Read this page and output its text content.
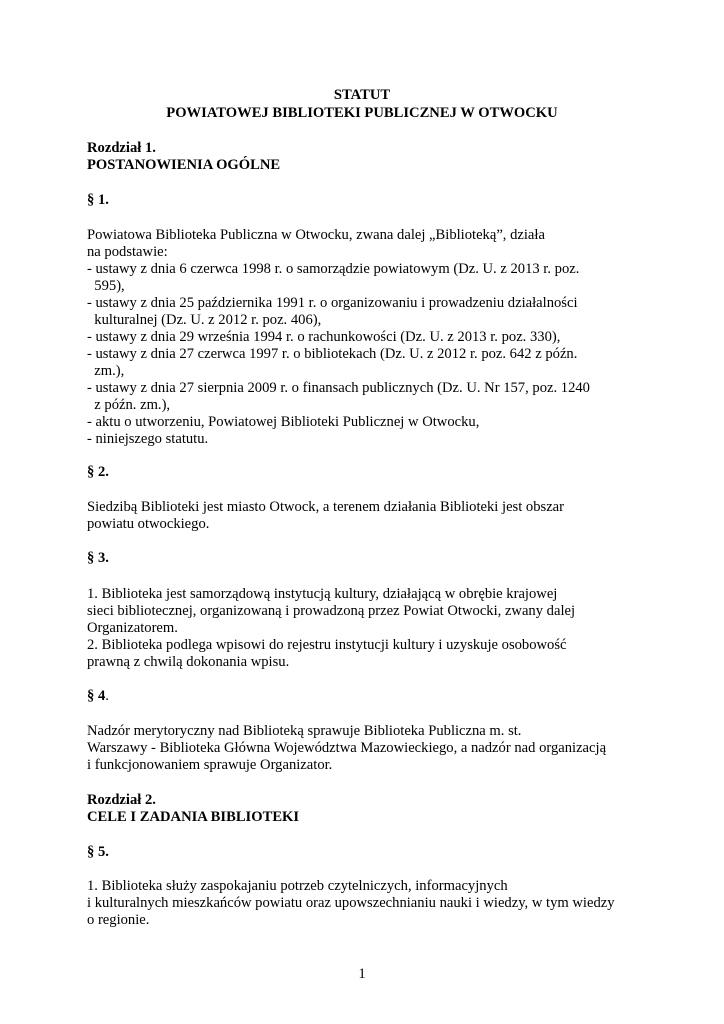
STATUT
POWIATOWEJ BIBLIOTEKI PUBLICZNEJ W OTWOCKU
Rozdział 1.
POSTANOWIENIA OGÓLNE
§ 1.
Powiatowa Biblioteka Publiczna w Otwocku, zwana dalej „Biblioteką”, działa
na podstawie:
- ustawy z dnia 6 czerwca 1998 r. o samorządzie powiatowym (Dz. U. z 2013 r. poz.
595),
- ustawy z dnia 25 października 1991 r. o organizowaniu i prowadzeniu działalności
kulturalnej (Dz. U. z 2012 r. poz. 406),
- ustawy z dnia 29 września 1994 r. o rachunkowości (Dz. U. z 2013 r. poz. 330),
- ustawy z dnia 27 czerwca 1997 r. o bibliotekach (Dz. U. z 2012 r. poz. 642 z późn.
zm.),
- ustawy z dnia 27 sierpnia 2009 r. o finansach publicznych (Dz. U. Nr 157, poz. 1240
z późn. zm.),
- aktu o utworzeniu, Powiatowej Biblioteki Publicznej w Otwocku,
- niniejszego statutu.
§ 2.
Siedzibą Biblioteki jest miasto Otwock, a terenem działania Biblioteki jest obszar
powiatu otwockiego.
§ 3.
1. Biblioteka jest samorządową instytucją kultury, działającą w obrębie krajowej
sieci bibliotecznej, organizowaną i prowadzoną przez Powiat Otwocki, zwany dalej
Organizatorem.
2. Biblioteka podlega wpisowi do rejestru instytucji kultury i uzyskuje osobowość
prawną z chwilą dokonania wpisu.
§ 4.
Nadzór merytoryczny nad Biblioteką sprawuje Biblioteka Publiczna m. st.
Warszawy - Biblioteka Główna Województwa Mazowieckiego, a nadzór nad organizacją
i funkcjonowaniem sprawuje Organizator.
Rozdział 2.
CELE I ZADANIA BIBLIOTEKI
§ 5.
1. Biblioteka służy zaspokajaniu potrzeb czytelniczych, informacyjnych
i kulturalnych mieszkańców powiatu oraz upowszechnianiu nauki i wiedzy, w tym wiedzy
o regionie.
1
